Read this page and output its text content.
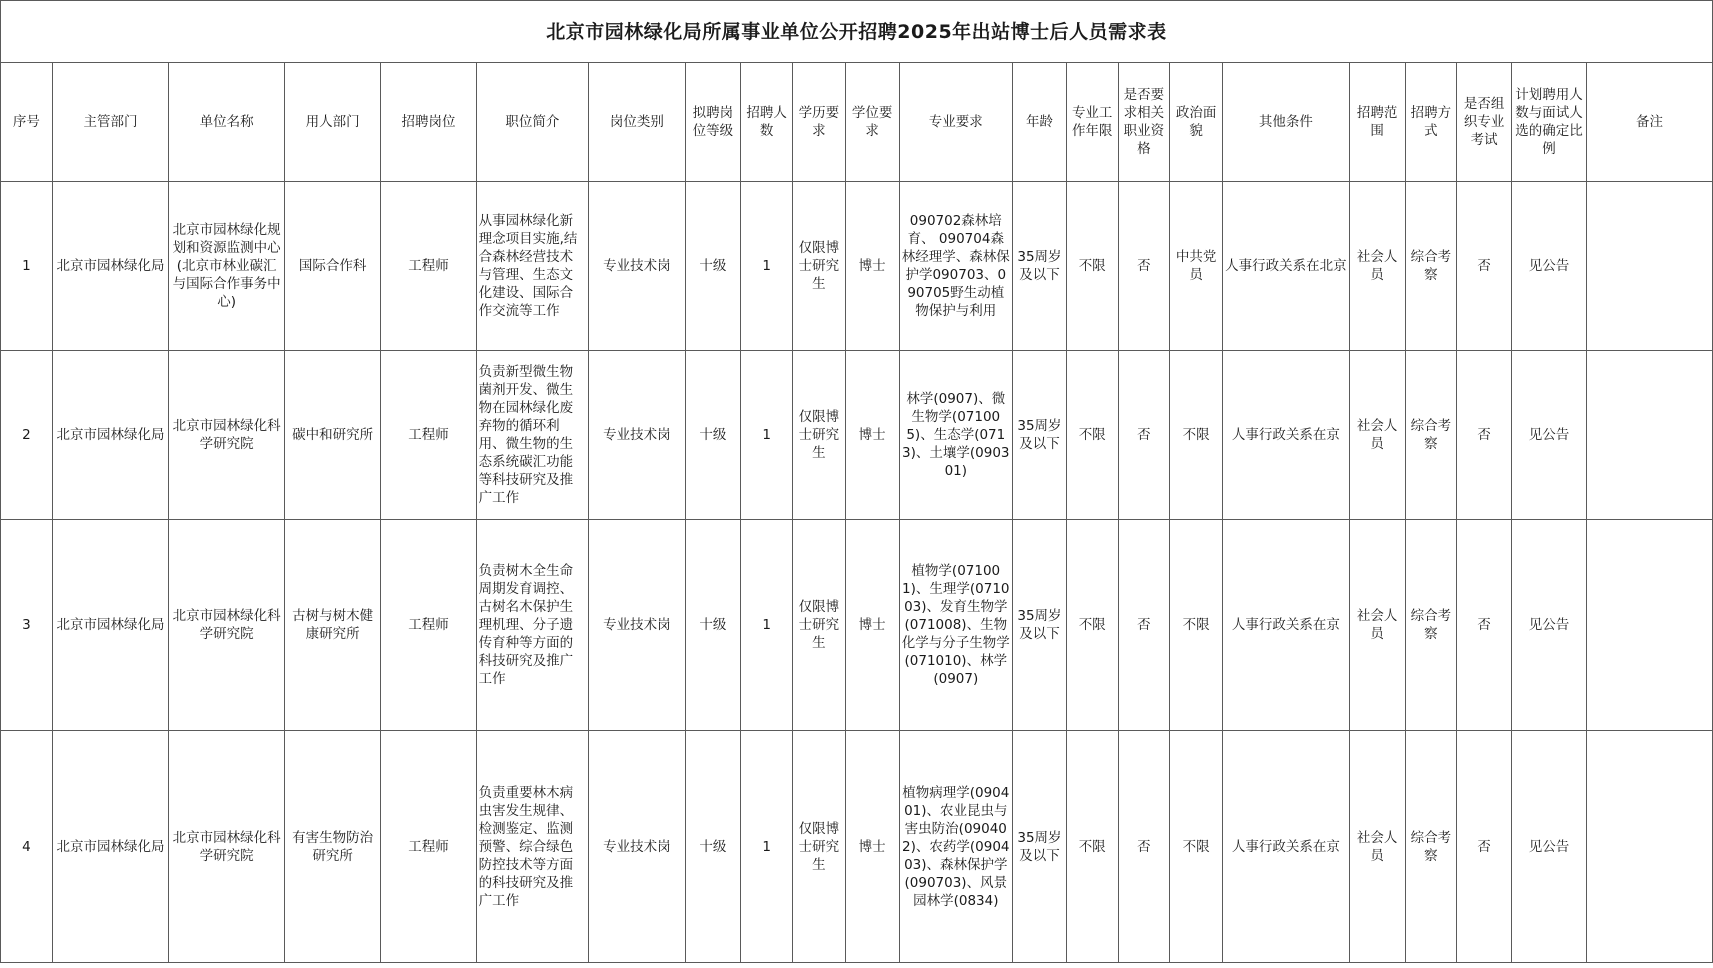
北京市园林绿化局所属事业单位公开招聘2025年出站博士后人员需求表																					
序号	主管部门	单位名称	用人部门	招聘岗位	职位简介	岗位类别	拟聘岗位等级	招聘人数	学历要求	学位要求	专业要求	年龄	专业工作年限	是否要求相关职业资格	政治面貌	其他条件	招聘范围	招聘方式	是否组织专业考试	计划聘用人数与面试人选的确定比例	备注
1	北京市园林绿化局	北京市园林绿化规划和资源监测中心(北京市林业碳汇与国际合作事务中心)	国际合作科	工程师	从事园林绿化新理念项目实施,结合森林经营技术与管理、生态文化建设、国际合作交流等工作	专业技术岗	十级	1	仅限博士研究生	博士	090702森林培育、 090704森林经理学、森林保护学090703、090705野生动植物保护与利用	35周岁及以下	不限	否	中共党员	人事行政关系在北京	社会人员	综合考察	否	见公告	
2	北京市园林绿化局	北京市园林绿化科学研究院	碳中和研究所	工程师	负责新型微生物菌剂开发、微生物在园林绿化废弃物的循环利用、微生物的生态系统碳汇功能等科技研究及推广工作	专业技术岗	十级	1	仅限博士研究生	博士	林学(0907)、微生物学(071005)、生态学(0713)、土壤学(090301)	35周岁及以下	不限	否	不限	人事行政关系在京	社会人员	综合考察	否	见公告	
3	北京市园林绿化局	北京市园林绿化科学研究院	古树与树木健康研究所	工程师	负责树木全生命周期发育调控、古树名木保护生理机理、分子遗传育种等方面的科技研究及推广工作	专业技术岗	十级	1	仅限博士研究生	博士	植物学(071001)、生理学(071003)、发育生物学(071008)、生物化学与分子生物学(071010)、林学(0907)	35周岁及以下	不限	否	不限	人事行政关系在京	社会人员	综合考察	否	见公告	
4	北京市园林绿化局	北京市园林绿化科学研究院	有害生物防治研究所	工程师	负责重要林木病虫害发生规律、检测鉴定、监测预警、综合绿色防控技术等方面的科技研究及推广工作	专业技术岗	十级	1	仅限博士研究生	博士	植物病理学(090401)、农业昆虫与害虫防治(090402)、农药学(090403)、森林保护学(090703)、风景园林学(0834)	35周岁及以下	不限	否	不限	人事行政关系在京	社会人员	综合考察	否	见公告	
